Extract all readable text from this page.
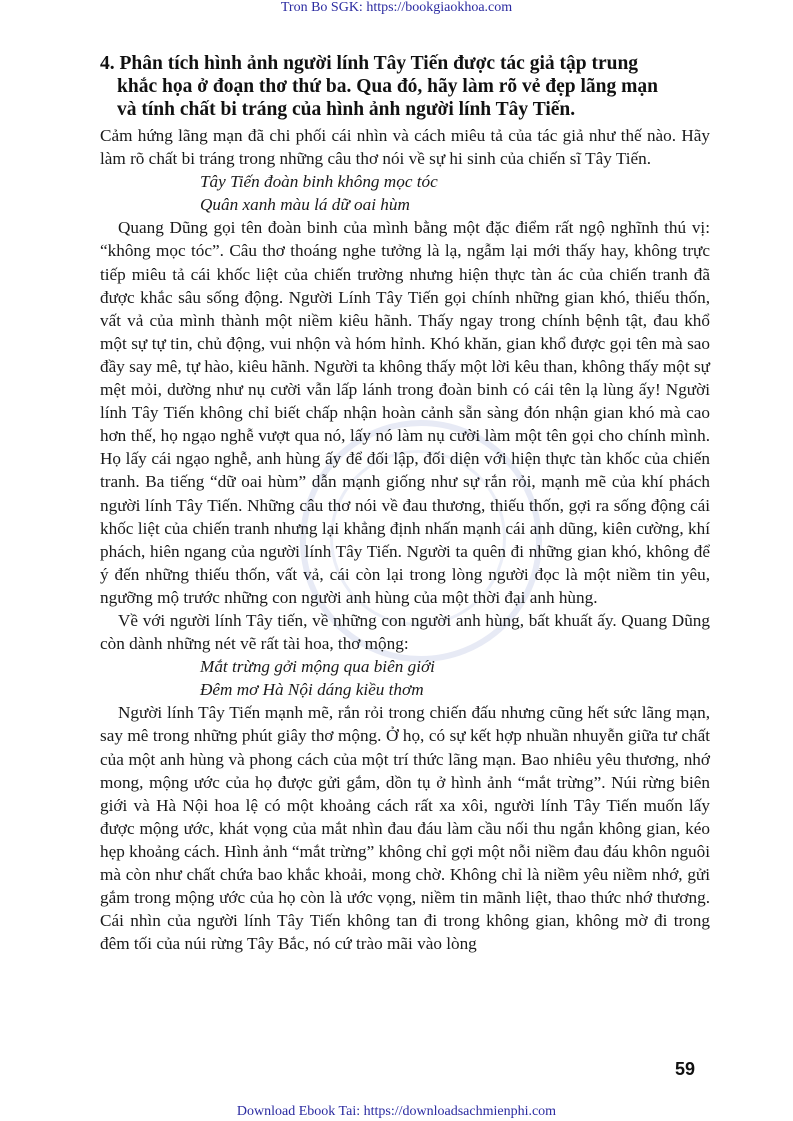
Tron Bo SGK: https://bookgiaokhoa.com
4. Phân tích hình ảnh người lính Tây Tiến được tác giả tập trung
khắc họa ở đoạn thơ thứ ba. Qua đó, hãy làm rõ vẻ đẹp lãng mạn
và tính chất bi tráng của hình ảnh người lính Tây Tiến.

Cảm hứng lãng mạn đã chi phối cái nhìn và cách miêu tả của tác giả như thế nào. Hãy làm rõ chất bi tráng trong những câu thơ nói về sự hi sinh của chiến sĩ Tây Tiến.

Tây Tiến đoàn binh không mọc tóc
Quân xanh màu lá dữ oai hùm

Quang Dũng gọi tên đoàn binh của mình bằng một đặc điểm rất ngộ nghĩnh thú vị: “không mọc tóc”. Câu thơ thoáng nghe tưởng là lạ, ngẫm lại mới thấy hay, không trực tiếp miêu tả cái khốc liệt của chiến trường nhưng hiện thực tàn ác của chiến tranh đã được khắc sâu sống động. Người Lính Tây Tiến gọi chính những gian khó, thiếu thốn, vất vả của mình thành một niềm kiêu hãnh. Thấy ngay trong chính bệnh tật, đau khổ một sự tự tin, chủ động, vui nhộn và hóm hỉnh. Khó khăn, gian khổ được gọi tên mà sao đầy say mê, tự hào, kiêu hãnh. Người ta không thấy một lời kêu than, không thấy một sự mệt mỏi, dường như nụ cười vẫn lấp lánh trong đoàn binh có cái tên lạ lùng ấy! Người lính Tây Tiến không chỉ biết chấp nhận hoàn cảnh sẵn sàng đón nhận gian khó mà cao hơn thế, họ ngạo nghễ vượt qua nó, lấy nó làm nụ cười làm một tên gọi cho chính mình. Họ lấy cái ngạo nghễ, anh hùng ấy để đối lập, đối diện với hiện thực tàn khốc của chiến tranh. Ba tiếng “dữ oai hùm” dẫn mạnh giống như sự rắn rỏi, mạnh mẽ của khí phách người lính Tây Tiến. Những câu thơ nói về đau thương, thiếu thốn, gợi ra sống động cái khốc liệt của chiến tranh nhưng lại khẳng định nhấn mạnh cái anh dũng, kiên cường, khí phách, hiên ngang của người lính Tây Tiến. Người ta quên đi những gian khó, không để ý đến những thiếu thốn, vất vả, cái còn lại trong lòng người đọc là một niềm tin yêu, ngưỡng mộ trước những con người anh hùng của một thời đại anh hùng.

Về với người lính Tây tiến, về những con người anh hùng, bất khuất ấy. Quang Dũng còn dành những nét vẽ rất tài hoa, thơ mộng:

Mắt trừng gởi mộng qua biên giới
Đêm mơ Hà Nội dáng kiều thơm

Người lính Tây Tiến mạnh mẽ, rắn rỏi trong chiến đấu nhưng cũng hết sức lãng mạn, say mê trong những phút giây thơ mộng. Ở họ, có sự kết hợp nhuần nhuyễn giữa tư chất của một anh hùng và phong cách của một trí thức lãng mạn. Bao nhiêu yêu thương, nhớ mong, mộng ước của họ được gửi gắm, dồn tụ ở hình ảnh “mắt trừng”. Núi rừng biên giới và Hà Nội hoa lệ có một khoảng cách rất xa xôi, người lính Tây Tiến muốn lấy được mộng ước, khát vọng của mắt nhìn đau đáu làm cầu nối thu ngắn không gian, kéo hẹp khoảng cách. Hình ảnh “mắt trừng” không chỉ gợi một nỗi niềm đau đáu khôn nguôi mà còn như chất chứa bao khắc khoải, mong chờ. Không chỉ là niềm yêu niềm nhớ, gửi gắm trong mộng ước của họ còn là ước vọng, niềm tin mãnh liệt, thao thức nhớ thương. Cái nhìn của người lính Tây Tiến không tan đi trong không gian, không mờ đi trong đêm tối của núi rừng Tây Bắc, nó cứ trào mãi vào lòng

59
Download Ebook Tai: https://downloadsachmienphi.com
